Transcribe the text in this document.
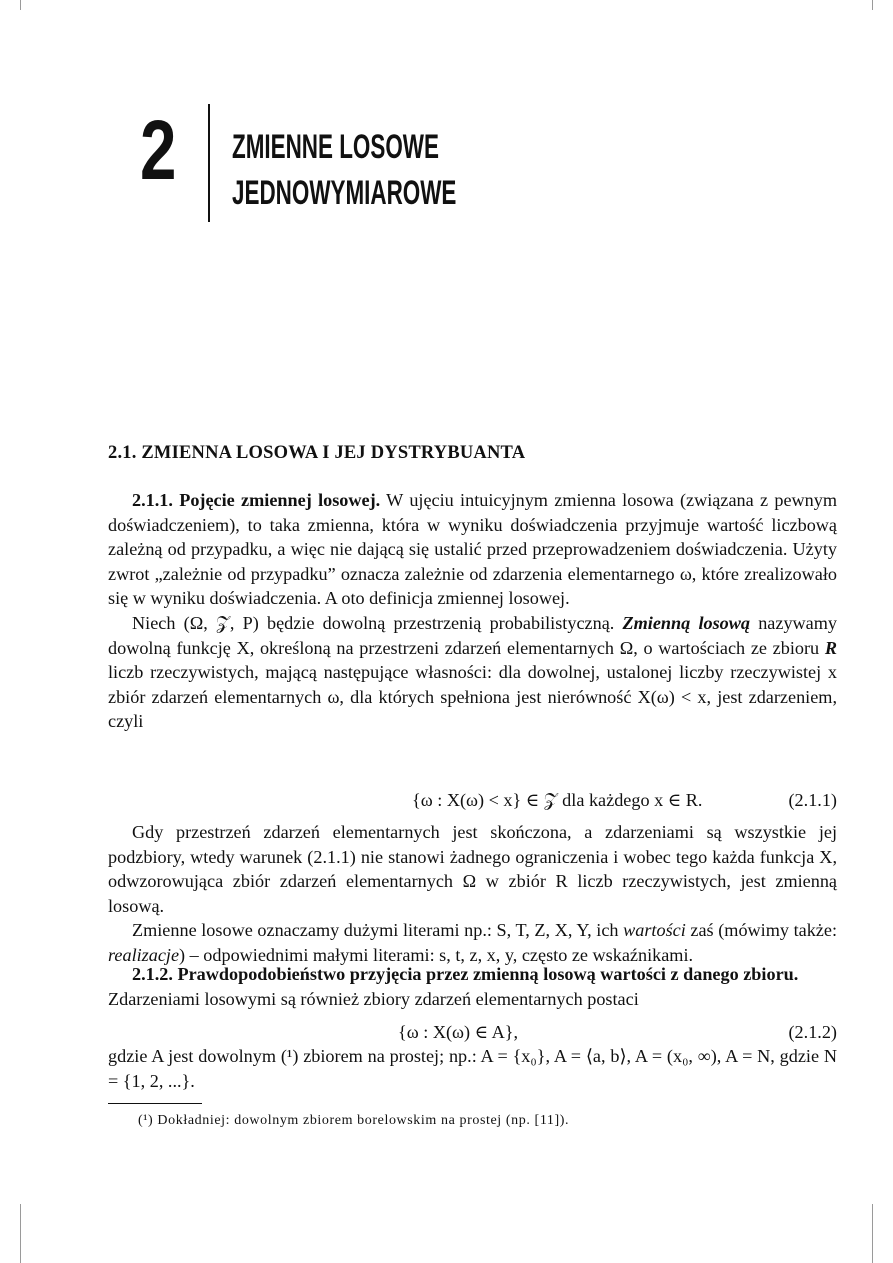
2 ZMIENNE LOSOWE
JEDNOWYMIAROWE
2.1. ZMIENNA LOSOWA I JEJ DYSTRYBUANTA

2.1.1. Pojęcie zmiennej losowej. W ujęciu intuicyjnym zmienna losowa (związana z pewnym doświadczeniem), to taka zmienna, która w wyniku doświadczenia przyjmuje wartość liczbową zależną od przypadku, a więc nie dającą się ustalić przed przeprowadzeniem doświadczenia. Użyty zwrot „zależnie od przypadku” oznacza zależnie od zdarzenia elementarnego ω, które zrealizowało się w wyniku doświadczenia. A oto definicja zmiennej losowej.

Niech (Ω, 𝒵, P) będzie dowolną przestrzenią probabilistyczną. Zmienną losową nazywamy dowolną funkcję X, określoną na przestrzeni zdarzeń elementarnych Ω, o wartościach ze zbioru R liczb rzeczywistych, mającą następujące własności: dla dowolnej, ustalonej liczby rzeczywistej x zbiór zdarzeń elementarnych ω, dla których spełniona jest nierówność X(ω) < x, jest zdarzeniem, czyli

{ω : X(ω) < x} ∈ 𝒵 dla każdego x ∈ R.	(2.1.1)

Gdy przestrzeń zdarzeń elementarnych jest skończona, a zdarzeniami są wszystkie jej podzbiory, wtedy warunek (2.1.1) nie stanowi żadnego ograniczenia i wobec tego każda funkcja X, odwzorowująca zbiór zdarzeń elementarnych Ω w zbiór R liczb rzeczywistych, jest zmienną losową.

Zmienne losowe oznaczamy dużymi literami np.: S, T, Z, X, Y, ich wartości zaś (mówimy także: realizacje) – odpowiednimi małymi literami: s, t, z, x, y, często ze wskaźnikami.

2.1.2. Prawdopodobieństwo przyjęcia przez zmienną losową wartości z danego zbioru.

Zdarzeniami losowymi są również zbiory zdarzeń elementarnych postaci

{ω : X(ω) ∈ A},	(2.1.2)

gdzie A jest dowolnym (¹) zbiorem na prostej; np.: A = {x₀}, A = ⟨a, b⟩, A = (x₀, ∞), A = N, gdzie N = {1, 2, ...}.

(¹) Dokładniej: dowolnym zbiorem borelowskim na prostej (np. [11]).
